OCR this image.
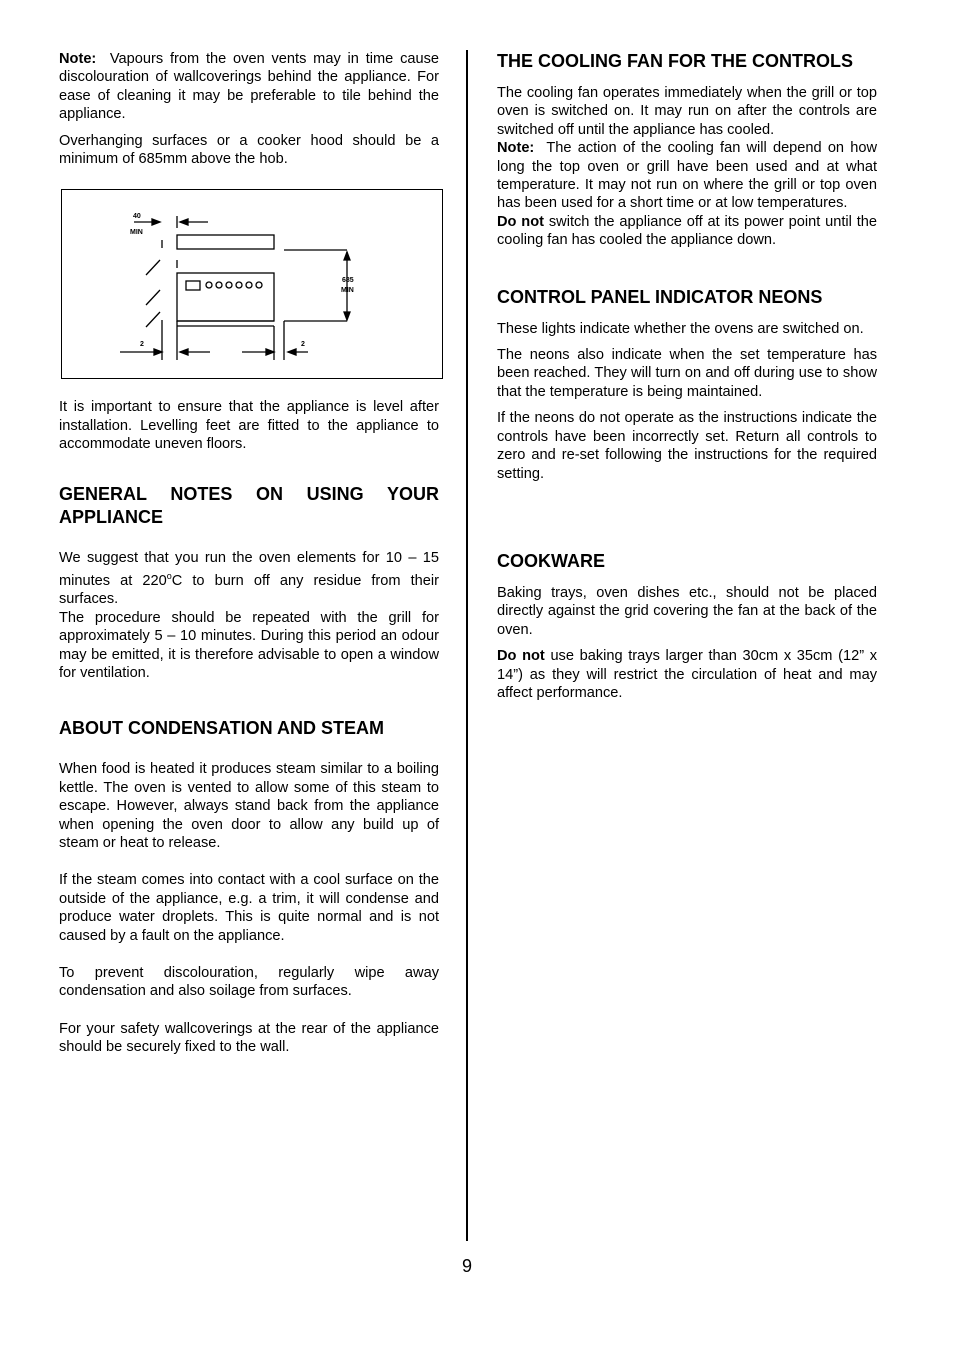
Note: Vapours from the oven vents may in time cause discolouration of wallcoverings behind the appliance. For ease of cleaning it may be preferable to tile behind the appliance.

Overhanging surfaces or a cooker hood should be a minimum of 685mm above the hob.

40
MIN
685
MIN
2	2

It is important to ensure that the appliance is level after installation. Levelling feet are fitted to the appliance to accommodate uneven floors.

GENERAL NOTES ON USING YOUR APPLIANCE

We suggest that you run the oven elements for 10 – 15 minutes at 220$^o$C to burn off any residue from their surfaces.

The procedure should be repeated with the grill for approximately 5 – 10 minutes. During this period an odour may be emitted, it is therefore advisable to open a window for ventilation.

ABOUT CONDENSATION AND STEAM

When food is heated it produces steam similar to a boiling kettle. The oven is vented to allow some of this steam to escape. However, always stand back from the appliance when opening the oven door to allow any build up of steam or heat to release.

If the steam comes into contact with a cool surface on the outside of the appliance, e.g. a trim, it will condense and produce water droplets. This is quite normal and is not caused by a fault on the appliance.

To prevent discolouration, regularly wipe away condensation and also soilage from surfaces.

For your safety wallcoverings at the rear of the appliance should be securely fixed to the wall.

THE COOLING FAN FOR THE CONTROLS

The cooling fan operates immediately when the grill or top oven is switched on. It may run on after the controls are switched off until the appliance has cooled.

Note: The action of the cooling fan will depend on how long the top oven or grill have been used and at what temperature. It may not run on where the grill or top oven has been used for a short time or at low temperatures.

Do not switch the appliance off at its power point until the cooling fan has cooled the appliance down.

CONTROL PANEL INDICATOR NEONS

These lights indicate whether the ovens are switched on.

The neons also indicate when the set temperature has been reached. They will turn on and off during use to show that the temperature is being maintained.

If the neons do not operate as the instructions indicate the controls have been incorrectly set. Return all controls to zero and re-set following the instructions for the required setting.

COOKWARE

Baking trays, oven dishes etc., should not be placed directly against the grid covering the fan at the back of the oven.

Do not use baking trays larger than 30cm x 35cm (12” x 14”) as they will restrict the circulation of heat and may affect performance.

9
